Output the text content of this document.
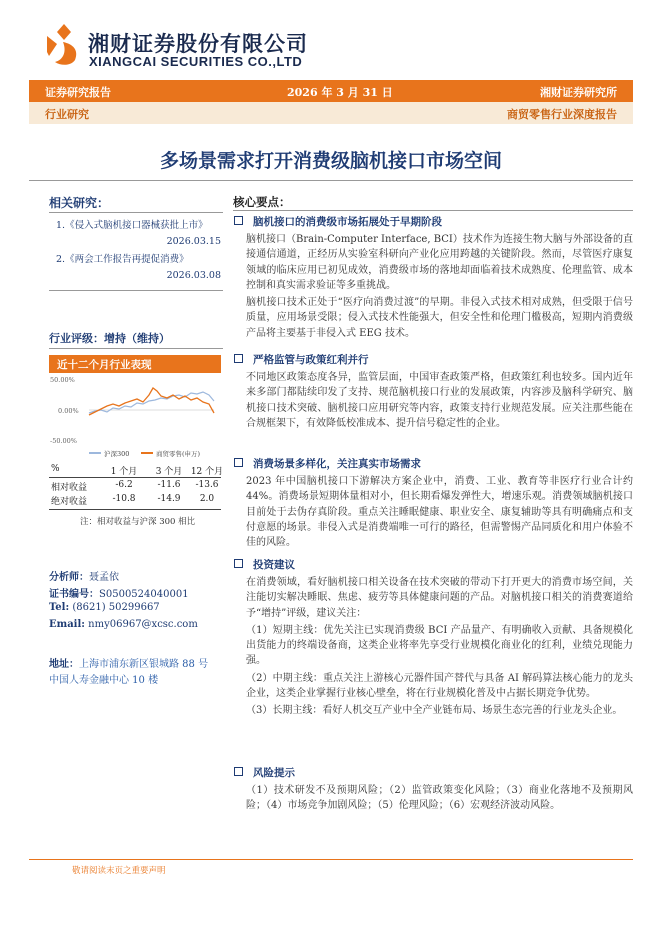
湘财证券股份有限公司
XIANGCAI SECURITIES CO.,LTD
证券研究报告	2026 年 3 月 31 日	湘财证券研究所
行业研究	商贸零售行业深度报告
多场景需求打开消费级脑机接口市场空间
相关研究：
1.《侵入式脑机接口器械获批上市》
2026.03.15
2.《两会工作报告再提促消费》
2026.03.08
行业评级：增持（维持）
近十二个月行业表现
50.00%
0.00%
-50.00%
沪深300	商贸零售(申万)
%	1 个月	3 个月 12 个月
相对收益	-6.2	-11.6	-13.6
绝对收益	-10.8	-14.9	2.0
注：相对收益与沪深 300 相比
分析师：聂孟依
证书编号：S0500524040001
Tel: (8621) 50299667
Email: nmy06967@xcsc.com
地址：上海市浦东新区银城路 88 号
中国人寿金融中心 10 楼
核心要点：
脑机接口的消费级市场拓展处于早期阶段

脑机接口（Brain-Computer Interface, BCI）技术作为连接生物大脑与外部设备的直接通信通道，正经历从实验室科研向产业化应用跨越的关键阶段。然而，尽管医疗康复领域的临床应用已初见成效，消费级市场的落地却面临着技术成熟度、伦理监管、成本控制和真实需求验证等多重挑战。

脑机接口技术正处于“医疗向消费过渡”的早期。非侵入式技术相对成熟，但受限于信号质量，应用场景受限；侵入式技术性能强大，但安全性和伦理门槛极高，短期内消费级产品将主要基于非侵入式 EEG 技术。

严格监管与政策红利并行

不同地区政策态度各异，监管层面，中国审查政策严格，但政策红利也较多。国内近年来多部门都陆续印发了支持、规范脑机接口行业的发展政策，内容涉及脑科学研究、脑机接口技术突破、脑机接口应用研究等内容，政策支持行业规范发展。应关注那些能在合规框架下，有效降低校准成本、提升信号稳定性的企业。

消费场景多样化，关注真实市场需求

2023 年中国脑机接口下游解决方案企业中，消费、工业、教育等非医疗行业合计约 44%。消费场景短期体量相对小，但长期看爆发弹性大，增速乐观。消费领域脑机接口目前处于去伪存真阶段。重点关注睡眠健康、职业安全、康复辅助等具有明确痛点和支付意愿的场景。非侵入式是消费端唯一可行的路径，但需警惕产品同质化和用户体验不佳的风险。

投资建议

在消费领域，看好脑机接口相关设备在技术突破的带动下打开更大的消费市场空间，关注能切实解决睡眠、焦虑、疲劳等具体健康问题的产品。对脑机接口相关的消费赛道给予“增持”评级，建议关注：

（1）短期主线：优先关注已实现消费级 BCI 产品量产、有明确收入贡献、具备规模化出货能力的终端设备商，这类企业将率先享受行业规模化商业化的红利，业绩兑现能力强。

（2）中期主线：重点关注上游核心元器件国产替代与具备 AI 解码算法核心能力的龙头企业，这类企业掌握行业核心壁垒，将在行业规模化普及中占据长期竞争优势。

（3）长期主线：看好人机交互产业中全产业链布局、场景生态完善的行业龙头企业。

风险提示

（1）技术研发不及预期风险；（2）监管政策变化风险；（3）商业化落地不及预期风险；（4）市场竞争加剧风险；（5）伦理风险；（6）宏观经济波动风险。

敬请阅读末页之重要声明
